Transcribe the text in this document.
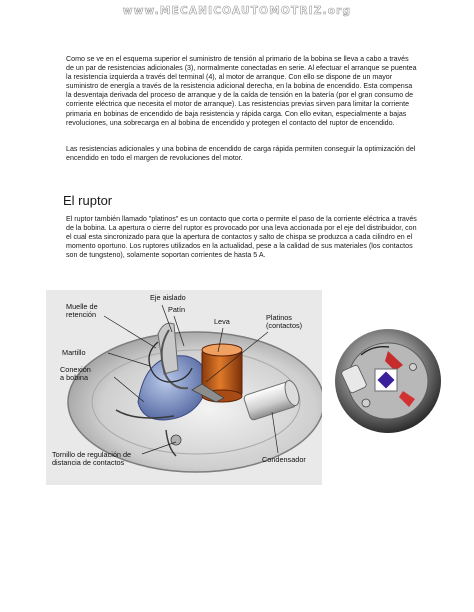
www.MECANICOAUTOMOTRIZ.org

Como se ve en el esquema superior el suministro de tensión al primario de la bobina se lleva a cabo a través de un par de resistencias adicionales (3), normalmente conectadas en serie. Al efectuar el arranque se puentea la resistencia izquierda a través del terminal (4), al motor de arranque. Con ello se dispone de un mayor suministro de energía a través de la resistencia adicional derecha, en la bobina de encendido. Esta compensa la desventaja derivada del proceso de arranque y de la caída de tensión en la batería (por el gran consumo de corriente eléctrica que necesita el motor de arranque). Las resistencias previas sirven para limitar la corriente primaria en bobinas de encendido de baja resistencia y rápida carga. Con ello evitan, especialmente a bajas revoluciones, una sobrecarga en al bobina de encendido y protegen el contacto del ruptor de encendido.

Las resistencias adicionales y una bobina de encendido de carga rápida permiten conseguir la optimización del encendido en todo el margen de revoluciones del motor.

El ruptor

El ruptor también llamado "platinos" es un contacto que corta o permite el paso de la corriente eléctrica a través de la bobina. La apertura o cierre del ruptor es provocado por una leva accionada por el eje del distribuidor, con el cual esta sincronizado para que la apertura de contactos y salto de chispa se produzca a cada cilindro en el momento oportuno. Los ruptores utilizados en la actualidad, pese a la calidad de sus materiales (los contactos son de tungsteno), solamente soportan corrientes de hasta 5 A.

Muelle de
retención
Eje aislado
Patín
Leva	Platinos
(contactos)
Martillo
Conexión
a bobina
Tornillo de regulación de
distancia de contactos	Condensador
